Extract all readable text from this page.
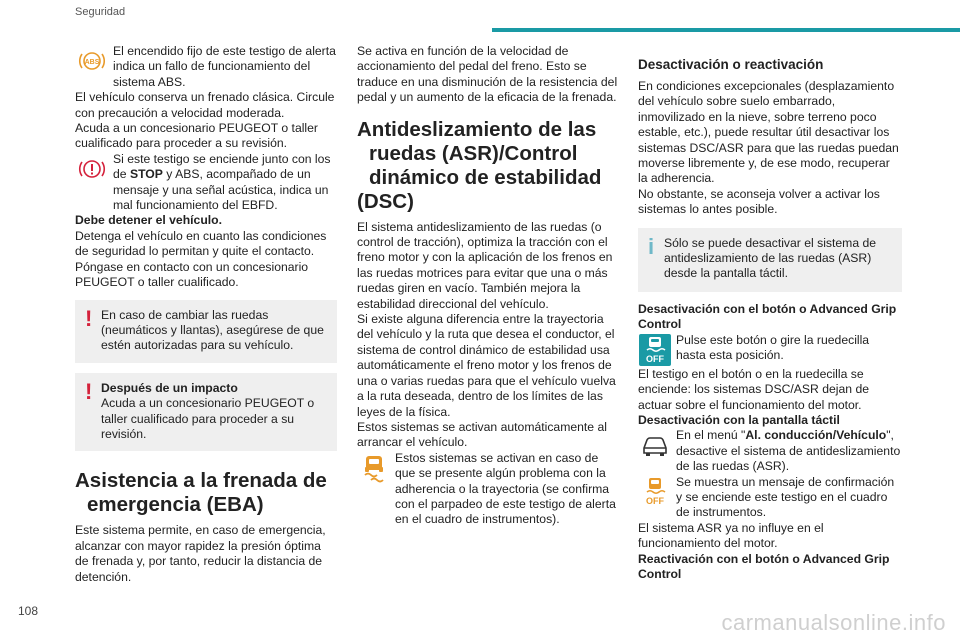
Seguridad
ABS

El encendido fijo de este testigo de alerta indica un fallo de funcionamiento del sistema ABS.

El vehículo conserva un frenado clásica. Circule con precaución a velocidad moderada.

Acuda a un concesionario PEUGEOT o taller cualificado para proceder a su revisión.

Si este testigo se enciende junto con los de STOP y ABS, acompañado de un mensaje y una señal acústica, indica un mal funcionamiento del EBFD.

Debe detener el vehículo.

Detenga el vehículo en cuanto las condiciones de seguridad lo permitan y quite el contacto.

Póngase en contacto con un concesionario PEUGEOT o taller cualificado.

! En caso de cambiar las ruedas (neumáticos y llantas), asegúrese de que estén autorizadas para su vehículo.

! Después de un impacto
Acuda a un concesionario PEUGEOT o taller cualificado para proceder a su revisión.

Asistencia a la frenada de
emergencia (EBA)

Este sistema permite, en caso de emergencia, alcanzar con mayor rapidez la presión óptima de frenada y, por tanto, reducir la distancia de detención.

Se activa en función de la velocidad de accionamiento del pedal del freno. Esto se traduce en una disminución de la resistencia del pedal y un aumento de la eficacia de la frenada.

Antideslizamiento de las
ruedas (ASR)/Control
dinámico de estabilidad
(DSC)

El sistema antideslizamiento de las ruedas (o control de tracción), optimiza la tracción con el freno motor y con la aplicación de los frenos en las ruedas motrices para evitar que una o más ruedas giren en vacío. También mejora la estabilidad direccional del vehículo.

Si existe alguna diferencia entre la trayectoria del vehículo y la ruta que desea el conductor, el sistema de control dinámico de estabilidad usa automáticamente el freno motor y los frenos de una o varias ruedas para que el vehículo vuelva a la ruta deseada, dentro de los límites de las leyes de la física.

Estos sistemas se activan automáticamente al arrancar el vehículo.

Estos sistemas se activan en caso de que se presente algún problema con la adherencia o la trayectoria (se confirma con el parpadeo de este testigo de alerta en el cuadro de instrumentos).

Desactivación o reactivación

En condiciones excepcionales (desplazamiento del vehículo sobre suelo embarrado, inmovilizado en la nieve, sobre terreno poco estable, etc.), puede resultar útil desactivar los sistemas DSC/ASR para que las ruedas puedan moverse libremente y, de ese modo, recuperar la adherencia.

No obstante, se aconseja volver a activar los sistemas lo antes posible.

i Sólo se puede desactivar el sistema de antideslizamiento de las ruedas (ASR) desde la pantalla táctil.

Desactivación con el botón o Advanced Grip Control

OFF

Pulse este botón o gire la ruedecilla hasta esta posición.

El testigo en el botón o en la ruedecilla se enciende: los sistemas DSC/ASR dejan de actuar sobre el funcionamiento del motor.

Desactivación con la pantalla táctil

En el menú "Al. conducción/Vehículo", desactive el sistema de antideslizamiento de las ruedas (ASR).

OFF

Se muestra un mensaje de confirmación y se enciende este testigo en el cuadro de instrumentos.

El sistema ASR ya no influye en el funcionamiento del motor.

Reactivación con el botón o Advanced Grip Control

108	carmanualsonline.info
